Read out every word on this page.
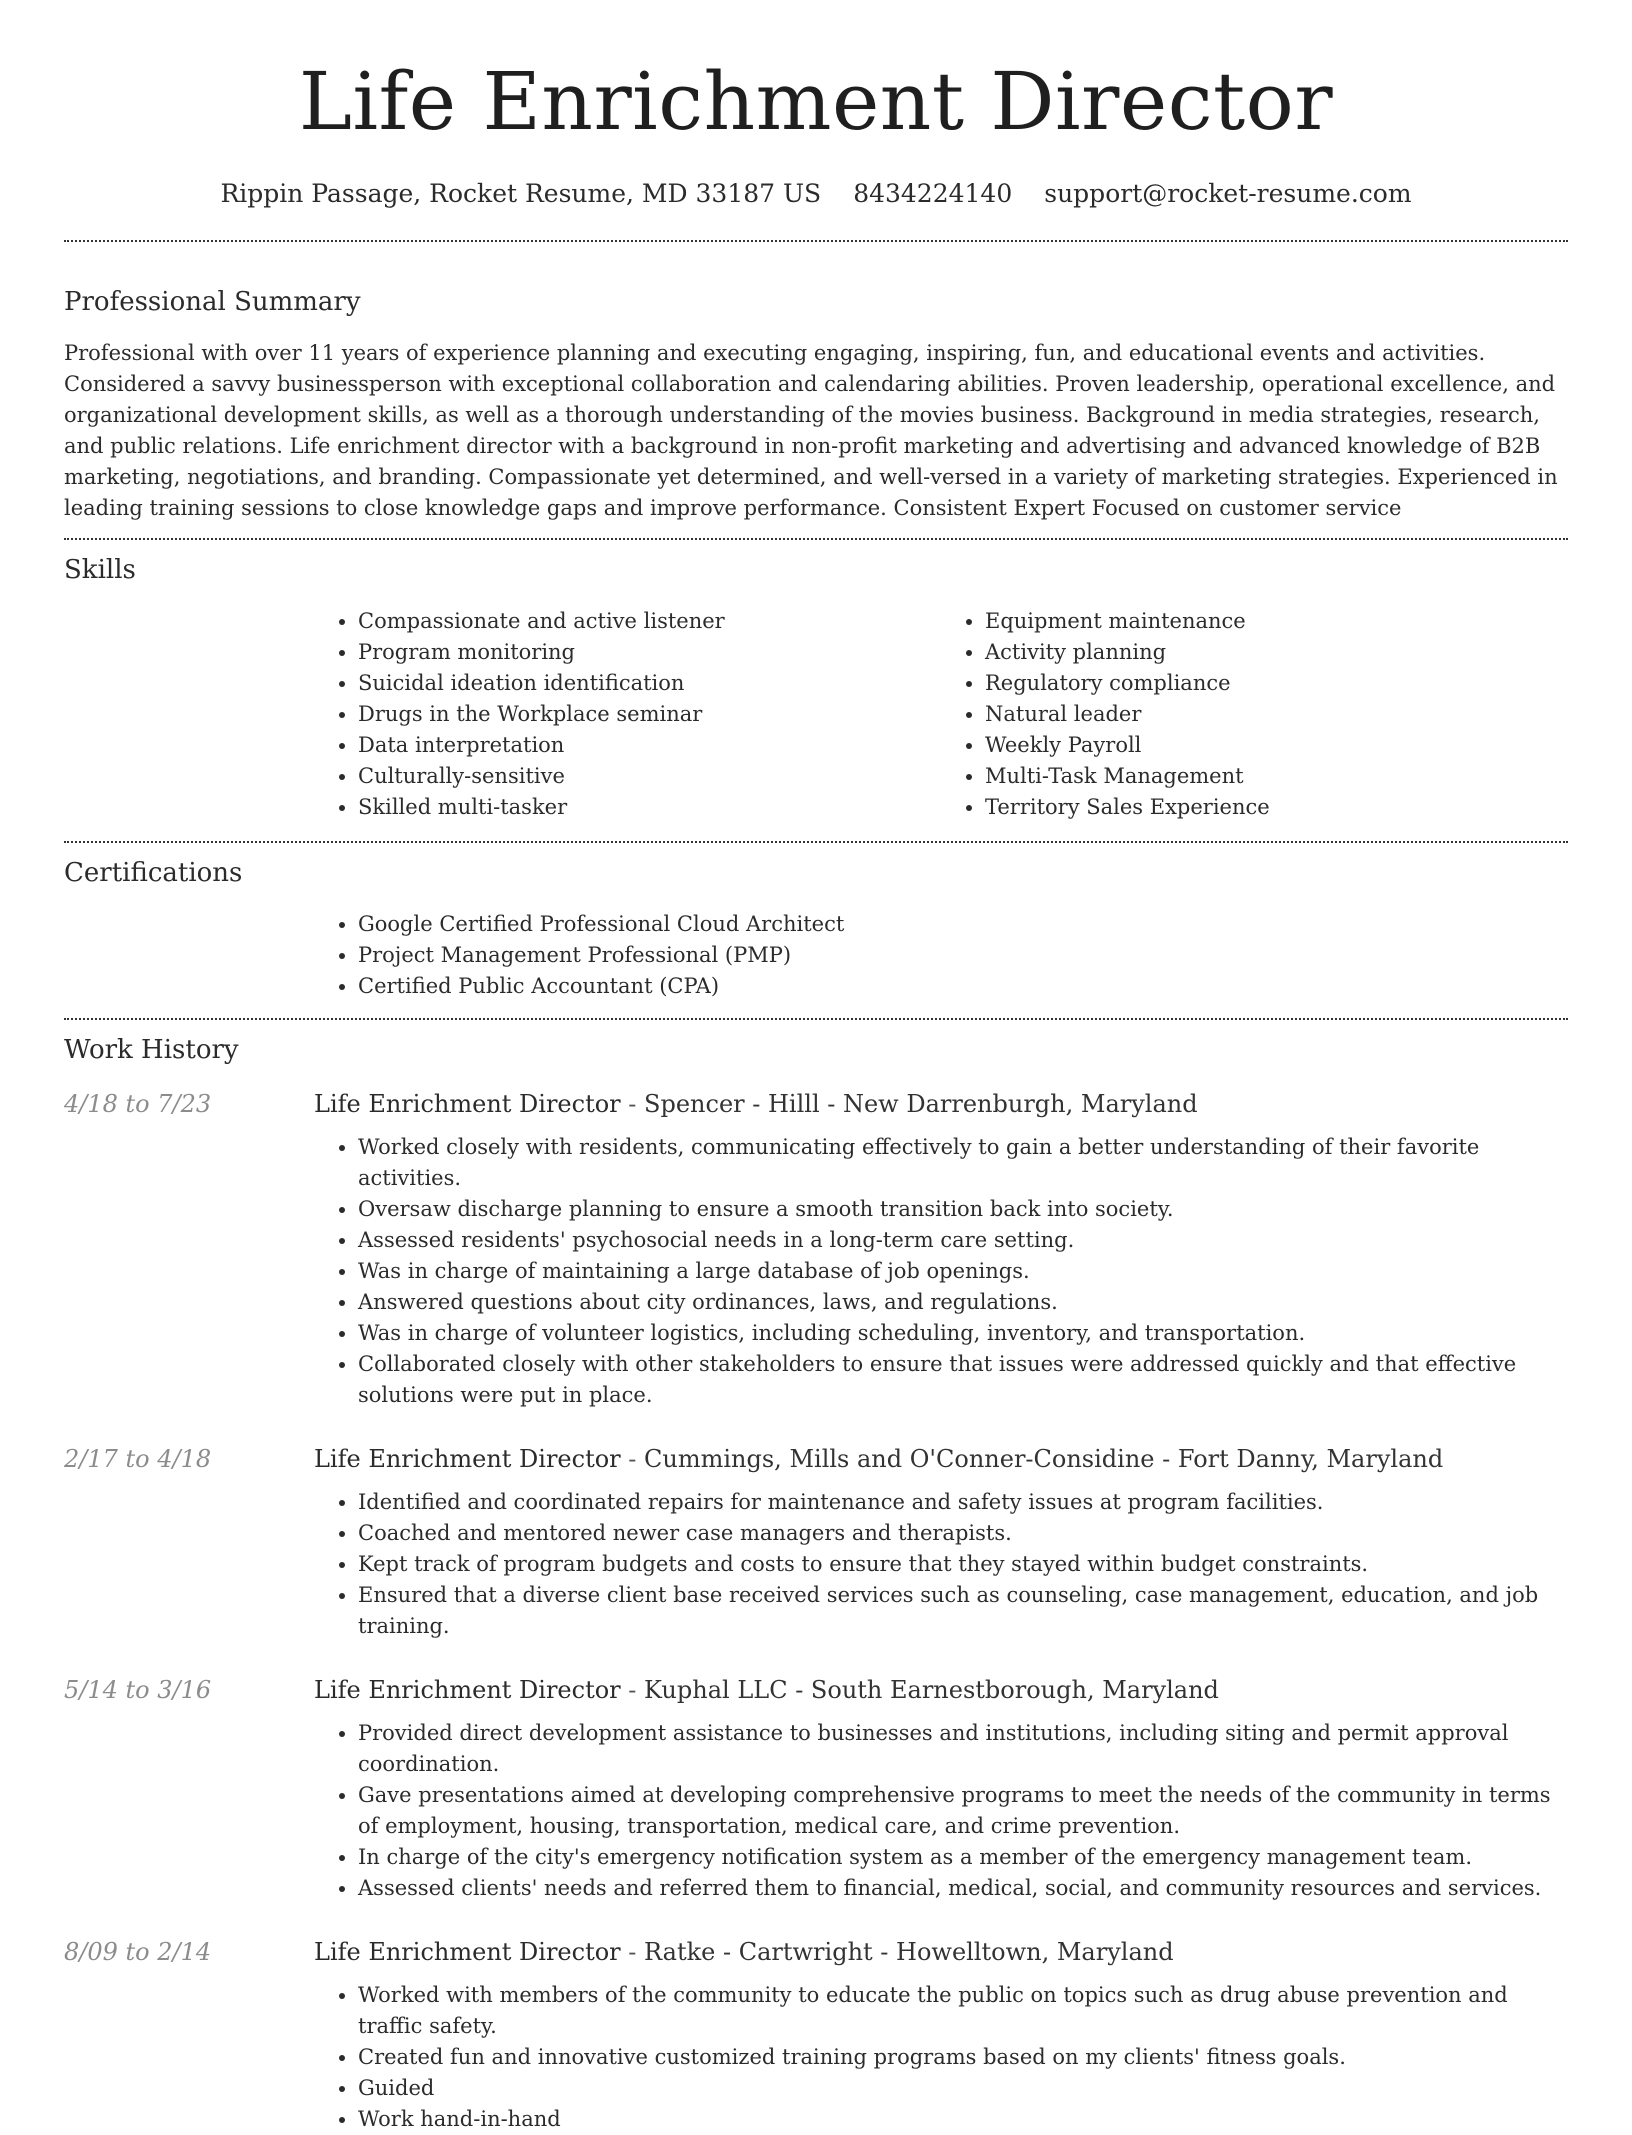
Life Enrichment Director
Rippin Passage, Rocket Resume, MD 33187 US 8434224140 support@rocket-resume.com
Professional Summary

Professional with over 11 years of experience planning and executing engaging, inspiring, fun, and educational events and activities. Considered a savvy businessperson with exceptional collaboration and calendaring abilities. Proven leadership, operational excellence, and organizational development skills, as well as a thorough understanding of the movies business. Background in media strategies, research, and public relations. Life enrichment director with a background in non-profit marketing and advertising and advanced knowledge of B2B marketing, negotiations, and branding. Compassionate yet determined, and well-versed in a variety of marketing strategies. Experienced in leading training sessions to close knowledge gaps and improve performance. Consistent Expert Focused on customer service

Skills
• Compassionate and active listener
• Program monitoring
• Suicidal ideation identification
• Drugs in the Workplace seminar
• Data interpretation
• Culturally-sensitive
• Skilled multi-tasker
• Equipment maintenance
• Activity planning
• Regulatory compliance
• Natural leader
• Weekly Payroll
• Multi-Task Management
• Territory Sales Experience
Certifications
• Google Certified Professional Cloud Architect
• Project Management Professional (PMP)
• Certified Public Accountant (CPA)
Work History
4/18 to 7/23	Life Enrichment Director - Spencer - Hilll - New Darrenburgh, Maryland
• Worked closely with residents, communicating effectively to gain a better understanding of their favorite activities.
• Oversaw discharge planning to ensure a smooth transition back into society.
• Assessed residents' psychosocial needs in a long-term care setting.
• Was in charge of maintaining a large database of job openings.
• Answered questions about city ordinances, laws, and regulations.
• Was in charge of volunteer logistics, including scheduling, inventory, and transportation.
• Collaborated closely with other stakeholders to ensure that issues were addressed quickly and that effective solutions were put in place.
2/17 to 4/18	Life Enrichment Director - Cummings, Mills and O'Conner-Considine - Fort Danny, Maryland
• Identified and coordinated repairs for maintenance and safety issues at program facilities.
• Coached and mentored newer case managers and therapists.
• Kept track of program budgets and costs to ensure that they stayed within budget constraints.
• Ensured that a diverse client base received services such as counseling, case management, education, and job training.
5/14 to 3/16	Life Enrichment Director - Kuphal LLC - South Earnestborough, Maryland
• Provided direct development assistance to businesses and institutions, including siting and permit approval coordination.
• Gave presentations aimed at developing comprehensive programs to meet the needs of the community in terms of employment, housing, transportation, medical care, and crime prevention.
• In charge of the city's emergency notification system as a member of the emergency management team.
• Assessed clients' needs and referred them to financial, medical, social, and community resources and services.
8/09 to 2/14	Life Enrichment Director - Ratke - Cartwright - Howelltown, Maryland
• Worked with members of the community to educate the public on topics such as drug abuse prevention and traffic safety.
• Created fun and innovative customized training programs based on my clients' fitness goals.
• Guided
• Work hand-in-hand
